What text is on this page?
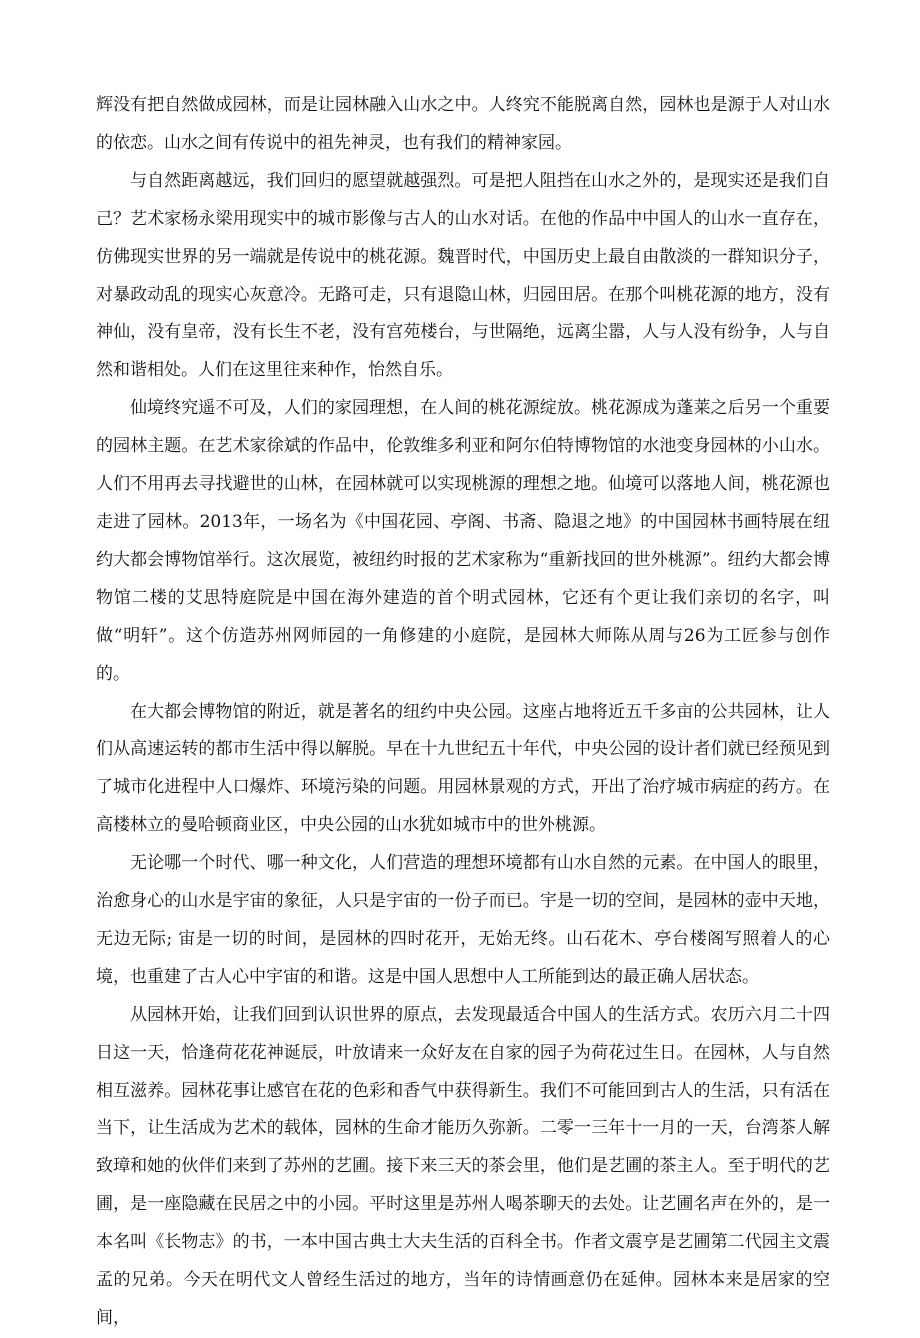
辉没有把自然做成园林，而是让园林融入山水之中。人终究不能脱离自然，园林也是源于人对山水的依恋。山水之间有传说中的祖先神灵，也有我们的精神家园。

与自然距离越远，我们回归的愿望就越强烈。可是把人阻挡在山水之外的，是现实还是我们自己？艺术家杨永梁用现实中的城市影像与古人的山水对话。在他的作品中中国人的山水一直存在，仿佛现实世界的另一端就是传说中的桃花源。魏晋时代，中国历史上最自由散淡的一群知识分子，对暴政动乱的现实心灰意冷。无路可走，只有退隐山林，归园田居。在那个叫桃花源的地方，没有神仙，没有皇帝，没有长生不老，没有宫苑楼台，与世隔绝，远离尘嚣，人与人没有纷争，人与自然和谐相处。人们在这里往来种作，怡然自乐。

仙境终究遥不可及，人们的家园理想，在人间的桃花源绽放。桃花源成为蓬莱之后另一个重要的园林主题。在艺术家徐斌的作品中，伦敦维多利亚和阿尔伯特博物馆的水池变身园林的小山水。人们不用再去寻找避世的山林，在园林就可以实现桃源的理想之地。仙境可以落地人间，桃花源也走进了园林。2013年，一场名为《中国花园、亭阁、书斋、隐退之地》的中国园林书画特展在纽约大都会博物馆举行。这次展览，被纽约时报的艺术家称为“重新找回的世外桃源”。纽约大都会博物馆二楼的艾思特庭院是中国在海外建造的首个明式园林，它还有个更让我们亲切的名字，叫做“明轩”。这个仿造苏州网师园的一角修建的小庭院，是园林大师陈从周与26为工匠参与创作的。

在大都会博物馆的附近，就是著名的纽约中央公园。这座占地将近五千多亩的公共园林，让人们从高速运转的都市生活中得以解脱。早在十九世纪五十年代，中央公园的设计者们就已经预见到了城市化进程中人口爆炸、环境污染的问题。用园林景观的方式，开出了治疗城市病症的药方。在高楼林立的曼哈顿商业区，中央公园的山水犹如城市中的世外桃源。

无论哪一个时代、哪一种文化，人们营造的理想环境都有山水自然的元素。在中国人的眼里，治愈身心的山水是宇宙的象征，人只是宇宙的一份子而已。宇是一切的空间，是园林的壶中天地，无边无际; 宙是一切的时间，是园林的四时花开，无始无终。山石花木、亭台楼阁写照着人的心境，也重建了古人心中宇宙的和谐。这是中国人思想中人工所能到达的最正确人居状态。

从园林开始，让我们回到认识世界的原点，去发现最适合中国人的生活方式。农历六月二十四日这一天，恰逢荷花花神诞辰，叶放请来一众好友在自家的园子为荷花过生日。在园林，人与自然相互滋养。园林花事让感官在花的色彩和香气中获得新生。我们不可能回到古人的生活，只有活在当下，让生活成为艺术的载体，园林的生命才能历久弥新。二零一三年十一月的一天，台湾茶人解致璋和她的伙伴们来到了苏州的艺圃。接下来三天的茶会里，他们是艺圃的茶主人。至于明代的艺圃，是一座隐藏在民居之中的小园。平时这里是苏州人喝茶聊天的去处。让艺圃名声在外的，是一本名叫《长物志》的书，一本中国古典士大夫生活的百科全书。作者文震亨是艺圃第二代园主文震孟的兄弟。今天在明代文人曾经生活过的地方，当年的诗情画意仍在延伸。园林本来是居家的空间，
